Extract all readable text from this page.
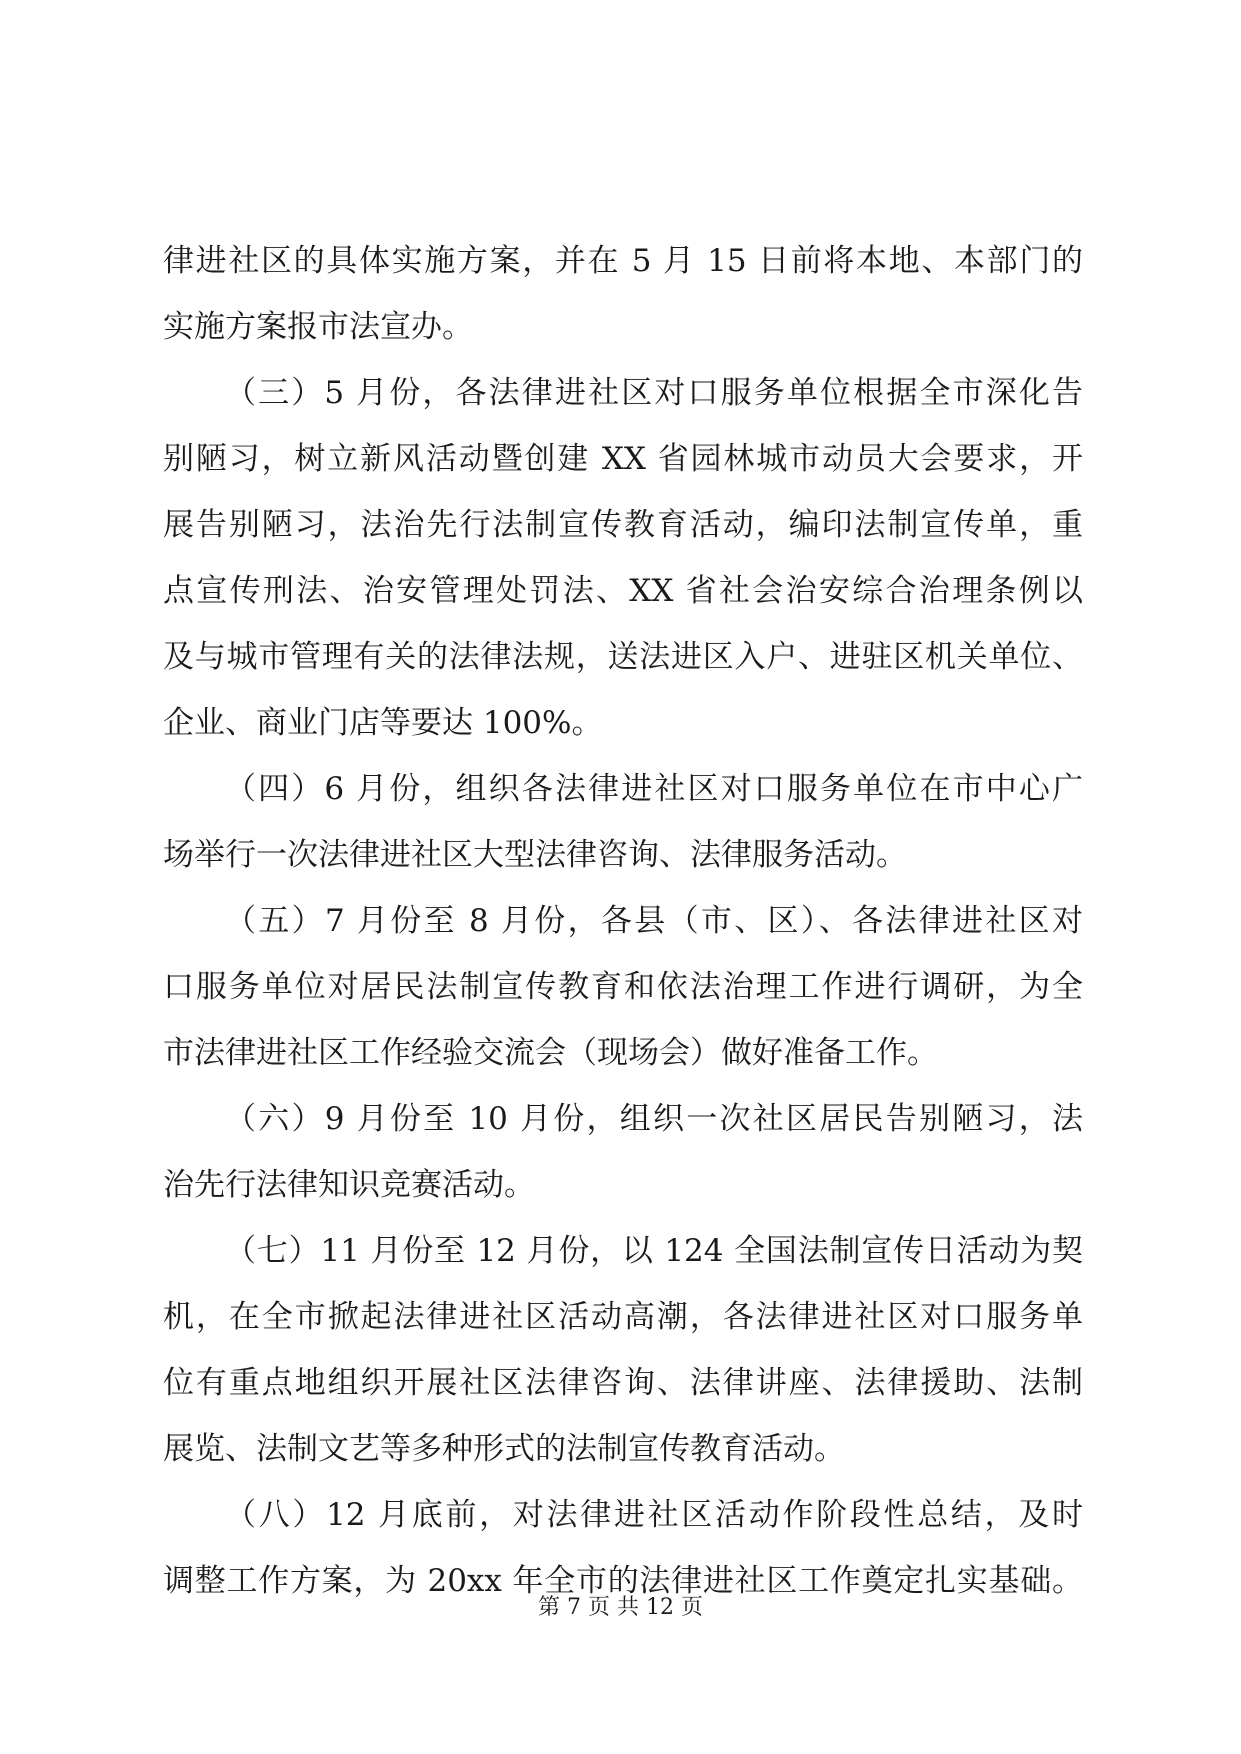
律进社区的具体实施方案，并在 5 月 15 日前将本地、本部门的
实施方案报市法宣办。
（三）5 月份，各法律进社区对口服务单位根据全市深化告
别陋习，树立新风活动暨创建 XX 省园林城市动员大会要求，开
展告别陋习，法治先行法制宣传教育活动，编印法制宣传单，重
点宣传刑法、治安管理处罚法、XX 省社会治安综合治理条例以
及与城市管理有关的法律法规，送法进区入户、进驻区机关单位、
企业、商业门店等要达 100%。
（四）6 月份，组织各法律进社区对口服务单位在市中心广
场举行一次法律进社区大型法律咨询、法律服务活动。
（五）7 月份至 8 月份，各县（市、区）、各法律进社区对
口服务单位对居民法制宣传教育和依法治理工作进行调研，为全
市法律进社区工作经验交流会（现场会）做好准备工作。
（六）9 月份至 10 月份，组织一次社区居民告别陋习，法
治先行法律知识竞赛活动。
（七）11 月份至 12 月份，以 124 全国法制宣传日活动为契
机，在全市掀起法律进社区活动高潮，各法律进社区对口服务单
位有重点地组织开展社区法律咨询、法律讲座、法律援助、法制
展览、法制文艺等多种形式的法制宣传教育活动。
（八）12 月底前，对法律进社区活动作阶段性总结，及时
调整工作方案，为 20xx 年全市的法律进社区工作奠定扎实基础。
第 7 页 共 12 页
